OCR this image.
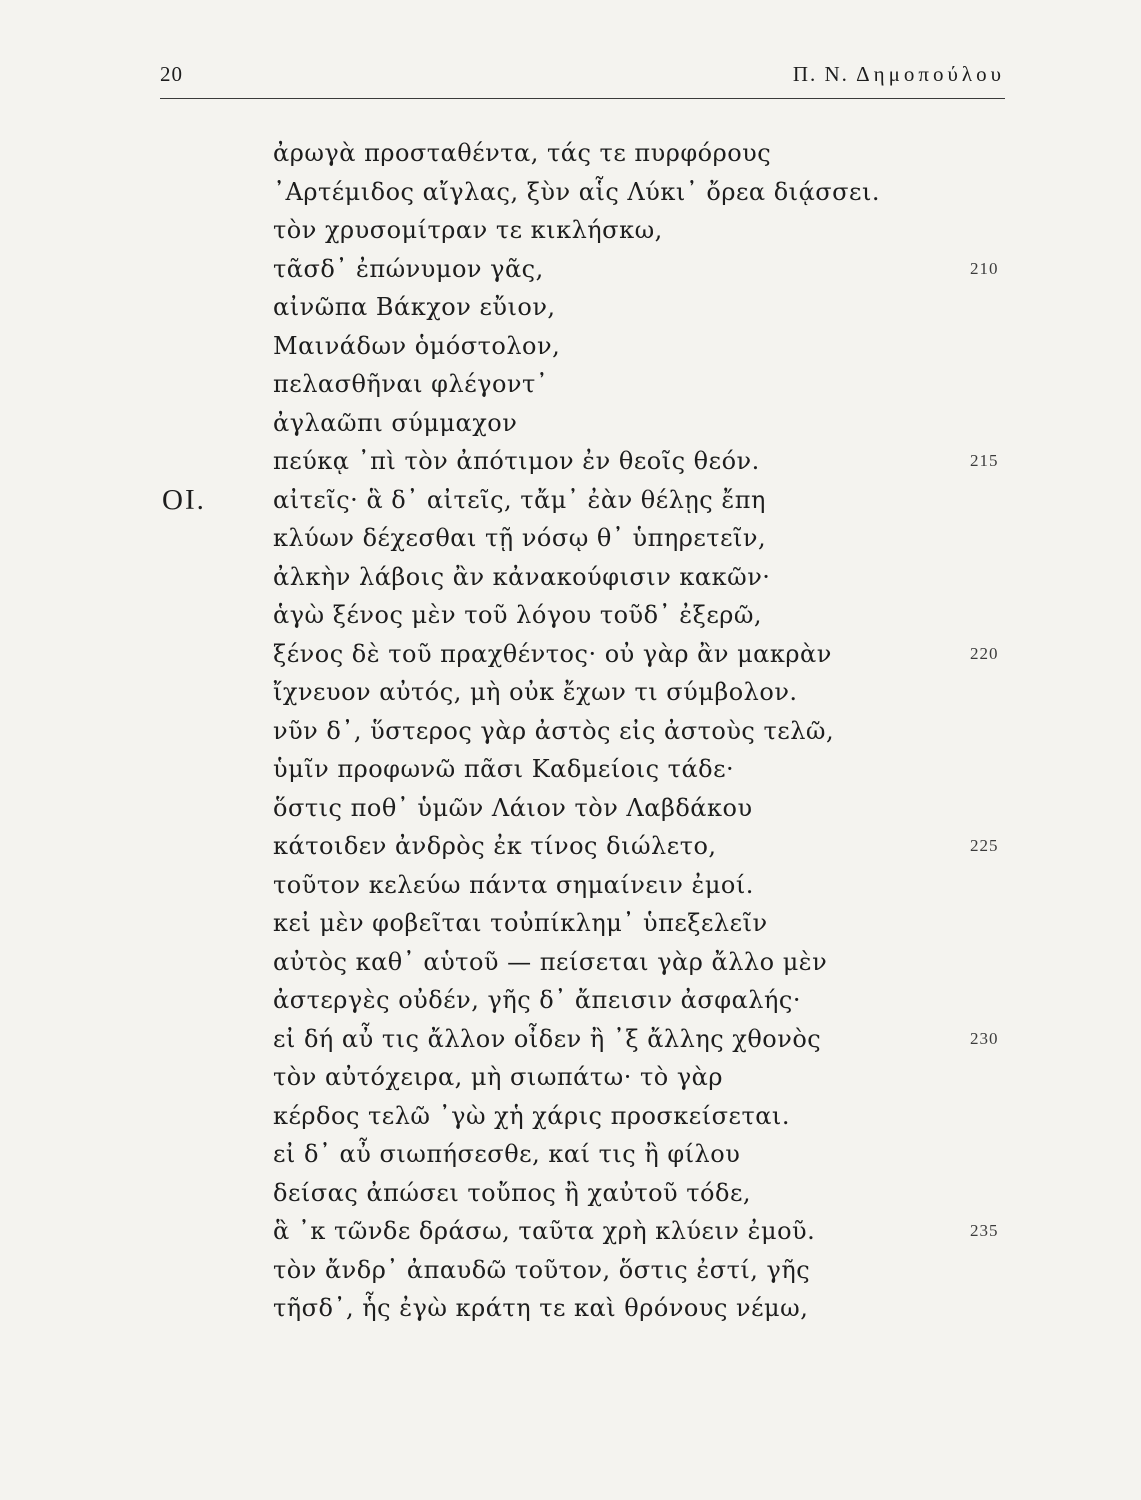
20	Π. Ν. Δημοπούλου
ἀρωγὰ προσταθέντα, τάς τε πυρφόρους
᾿Αρτέμιδος αἴγλας, ξὺν αἷς Λύκι᾿ ὄρεα διᾴσσει.
τὸν χρυσομίτραν τε κικλήσκω,
τᾶσδ᾿ ἐπώνυμον γᾶς,	210
αἰνῶπα Βάκχον εὔιον,
Μαινάδων ὁμόστολον,
πελασθῆναι φλέγοντ᾿
ἀγλαῶπι σύμμαχον
πεύκᾳ ᾿πὶ τὸν ἀπότιμον ἐν θεοῖς θεόν.	215
ΟΙ.	αἰτεῖς· ἃ δ᾿ αἰτεῖς, τἄμ᾿ ἐὰν θέλῃς ἔπη
κλύων δέχεσθαι τῇ νόσῳ θ᾿ ὑπηρετεῖν,
ἀλκὴν λάβοις ἂν κἀνακούφισιν κακῶν·
ἁγὼ ξένος μὲν τοῦ λόγου τοῦδ᾿ ἐξερῶ,
ξένος δὲ τοῦ πραχθέντος· οὐ γὰρ ἂν μακρὰν	220
ἴχνευον αὐτός, μὴ οὐκ ἔχων τι σύμβολον.
νῦν δ᾿, ὕστερος γὰρ ἀστὸς εἰς ἀστοὺς τελῶ,
ὑμῖν προφωνῶ πᾶσι Καδμείοις τάδε·
ὅστις ποθ᾿ ὑμῶν Λάιον τὸν Λαβδάκου
κάτοιδεν ἀνδρὸς ἐκ τίνος διώλετο,	225
τοῦτον κελεύω πάντα σημαίνειν ἐμοί.
κεἰ μὲν φοβεῖται τοὐπίκλημ᾿ ὑπεξελεῖν
αὐτὸς καθ᾿ αὑτοῦ — πείσεται γὰρ ἄλλο μὲν
ἀστεργὲς οὐδέν, γῆς δ᾿ ἄπεισιν ἀσφαλής·
εἰ δή αὖ τις ἄλλον οἶδεν ἢ ᾿ξ ἄλλης χθονὸς	230
τὸν αὐτόχειρα, μὴ σιωπάτω· τὸ γὰρ
κέρδος τελῶ ᾿γὼ χἡ χάρις προσκείσεται.
εἰ δ᾿ αὖ σιωπήσεσθε, καί τις ἢ φίλου
δείσας ἀπώσει τοὔπος ἢ χαὐτοῦ τόδε,
ἃ ᾿κ τῶνδε δράσω, ταῦτα χρὴ κλύειν ἐμοῦ.	235
τὸν ἄνδρ᾿ ἀπαυδῶ τοῦτον, ὅστις ἐστί, γῆς
τῆσδ᾿, ἧς ἐγὼ κράτη τε καὶ θρόνους νέμω,
